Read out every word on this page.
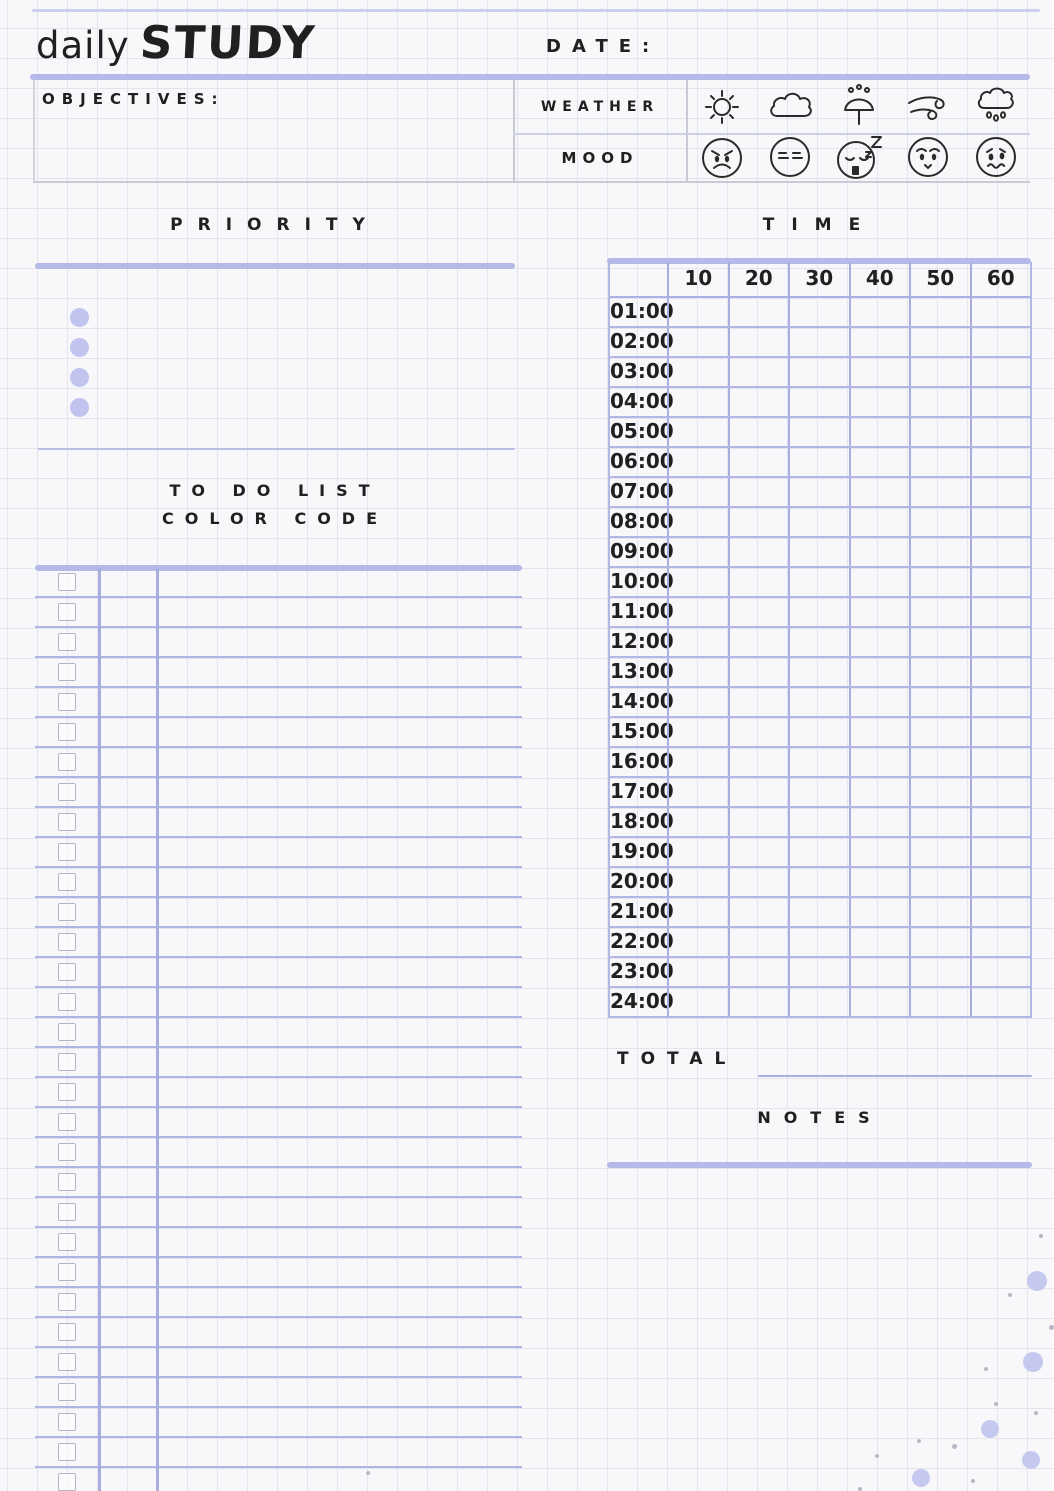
daily STUDY	DATE:
OBJECTIVES:	WEATHER
MOOD
PRIORITY
TO DO LIST
COLOR CODE
TIME
10	20	30	40	50	60
01:00
02:00
03:00
04:00
05:00
06:00
07:00
08:00
09:00
10:00
11:00
12:00
13:00
14:00
15:00
16:00
17:00
18:00
19:00
20:00
21:00
22:00
23:00
24:00
TOTAL
NOTES
